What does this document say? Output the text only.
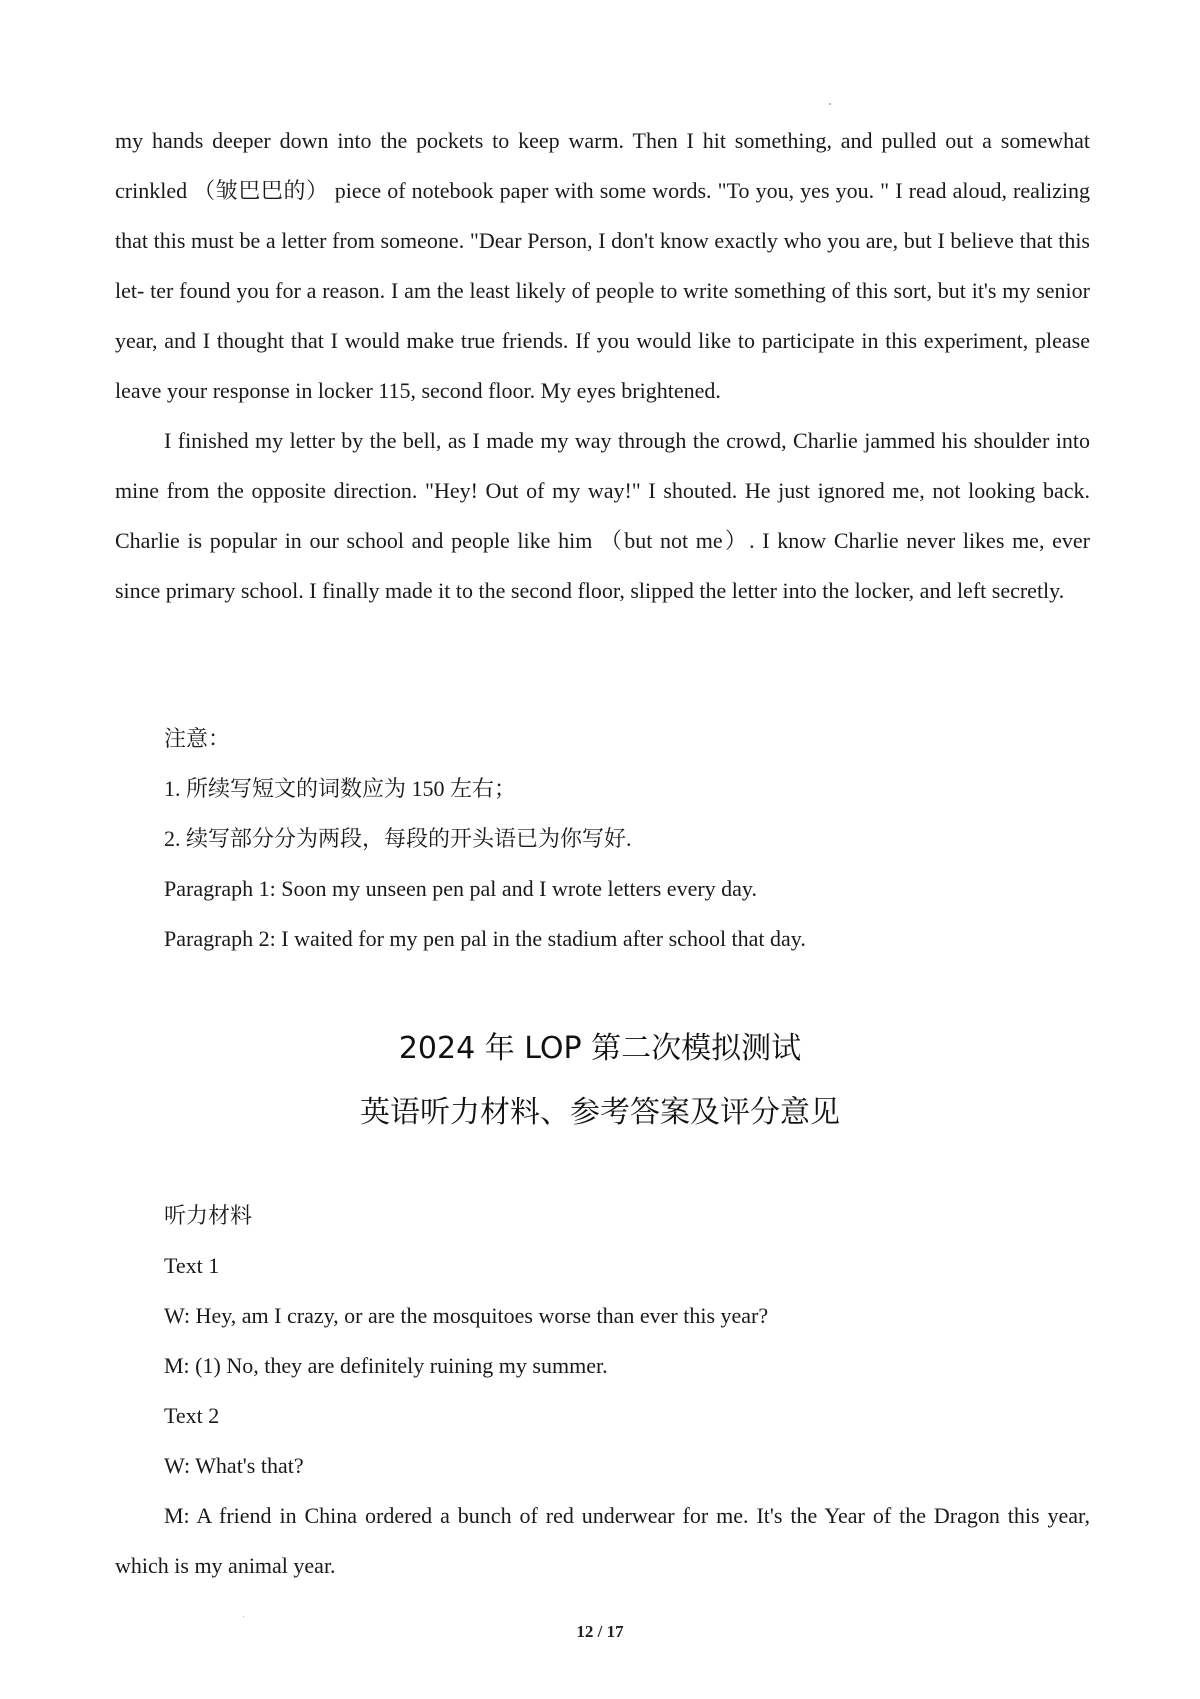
my hands deeper down into the pockets to keep warm. Then I hit something, and pulled out a somewhat crinkled （皱巴巴的） piece of notebook paper with some words. "To you, yes you. " I read aloud, realizing that this must be a letter from someone. "Dear Person, I don't know exactly who you are, but I believe that this let- ter found you for a reason. I am the least likely of people to write something of this sort, but it's my senior year, and I thought that I would make true friends. If you would like to participate in this experiment, please leave your response in locker 115, second floor. My eyes brightened.

I finished my letter by the bell, as I made my way through the crowd, Charlie jammed his shoulder into mine from the opposite direction. "Hey! Out of my way!" I shouted. He just ignored me, not looking back. Charlie is popular in our school and people like him （but not me）. I know Charlie never likes me, ever since primary school. I finally made it to the second floor, slipped the letter into the locker, and left secretly.

注意：

1. 所续写短文的词数应为 150 左右；

2. 续写部分分为两段，每段的开头语已为你写好.

Paragraph 1: Soon my unseen pen pal and I wrote letters every day.

Paragraph 2: I waited for my pen pal in the stadium after school that day.

2024 年 LOP 第二次模拟测试
英语听力材料、参考答案及评分意见

听力材料

Text 1

W: Hey, am I crazy, or are the mosquitoes worse than ever this year?

M: (1) No, they are definitely ruining my summer.

Text 2

W: What's that?

M: A friend in China ordered a bunch of red underwear for me. It's the Year of the Dragon this year, which is my animal year.

12 / 17
